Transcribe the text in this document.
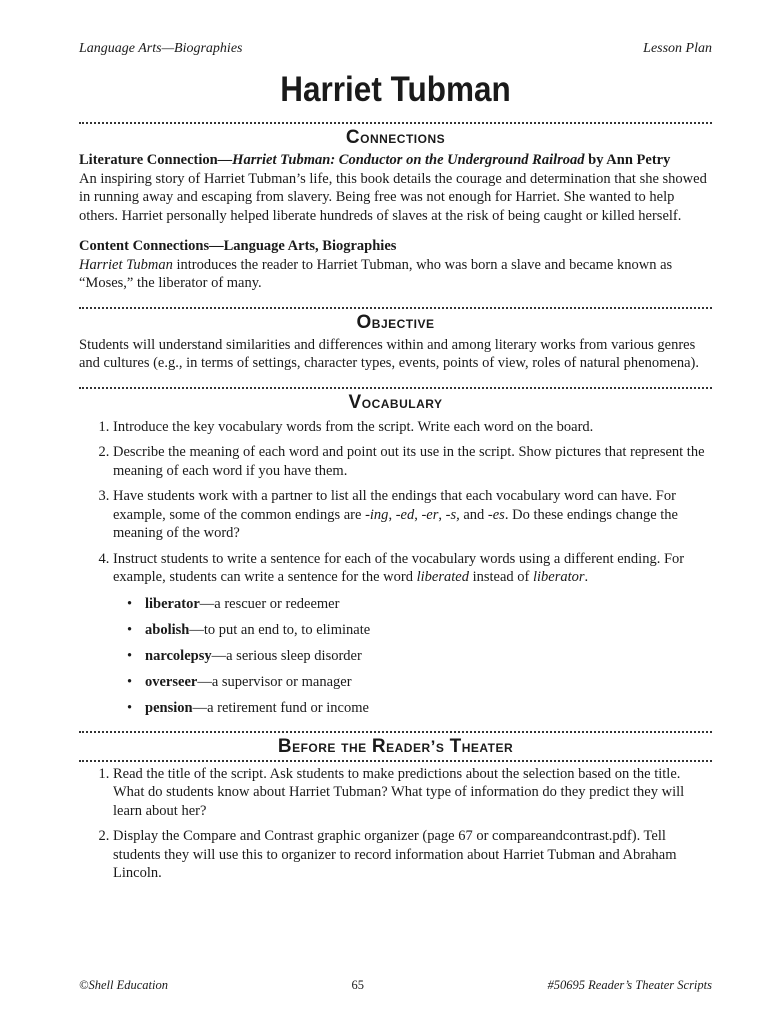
Language Arts—Biographies	Lesson Plan
Harriet Tubman
Connections

Literature Connection—Harriet Tubman: Conductor on the Underground Railroad by Ann Petry

An inspiring story of Harriet Tubman’s life, this book details the courage and determination that she showed in running away and escaping from slavery. Being free was not enough for Harriet. She wanted to help others. Harriet personally helped liberate hundreds of slaves at the risk of being caught or killed herself.

Content Connections—Language Arts, Biographies

Harriet Tubman introduces the reader to Harriet Tubman, who was born a slave and became known as “Moses,” the liberator of many.

Objective

Students will understand similarities and differences within and among literary works from various genres and cultures (e.g., in terms of settings, character types, events, points of view, roles of natural phenomena).

Vocabulary
1. Introduce the key vocabulary words from the script. Write each word on the board.
2. Describe the meaning of each word and point out its use in the script. Show pictures that represent the meaning of each word if you have them.
3. Have students work with a partner to list all the endings that each vocabulary word can have. For example, some of the common endings are -ing, -ed, -er, -s, and -es. Do these endings change the meaning of the word?
4. Instruct students to write a sentence for each of the vocabulary words using a different ending. For example, students can write a sentence for the word liberated instead of liberator.
• liberator—a rescuer or redeemer
• abolish—to put an end to, to eliminate
• narcolepsy—a serious sleep disorder
• overseer—a supervisor or manager
• pension—a retirement fund or income
Before the Reader’s Theater
1. Read the title of the script. Ask students to make predictions about the selection based on the title. What do students know about Harriet Tubman? What type of information do they predict they will learn about her?
2. Display the Compare and Contrast graphic organizer (page 67 or compareandcontrast.pdf). Tell students they will use this to organizer to record information about Harriet Tubman and Abraham Lincoln.
©Shell Education	65	#50695 Reader’s Theater Scripts
